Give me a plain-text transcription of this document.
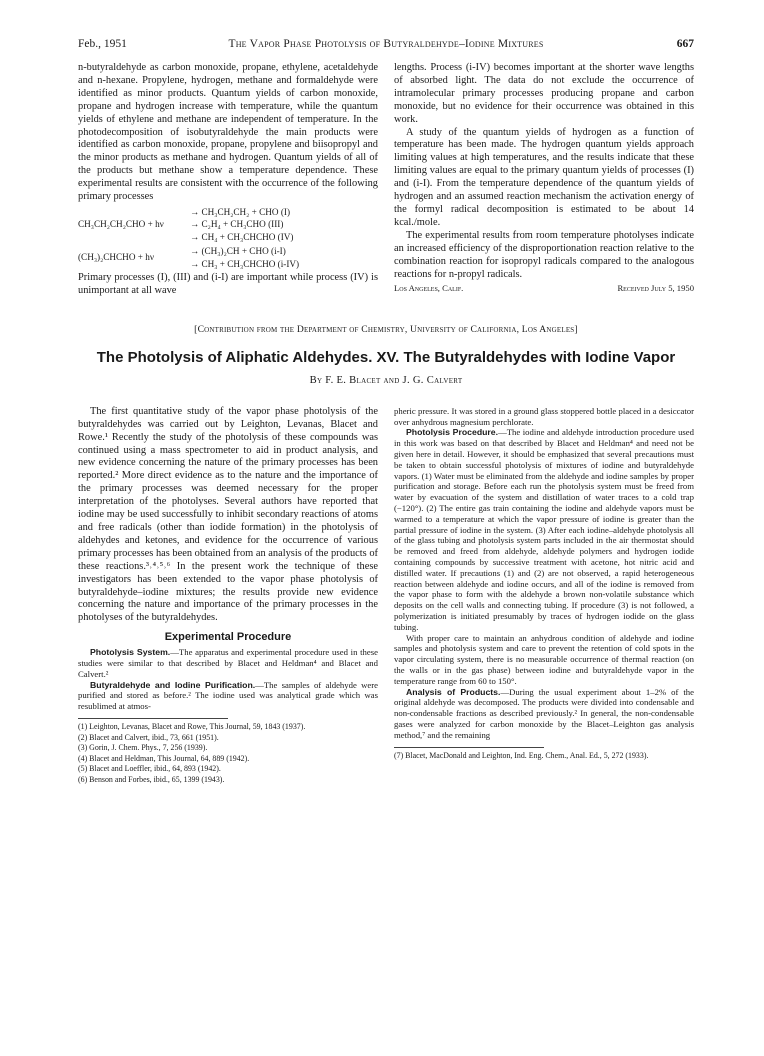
Feb., 1951	The Vapor Phase Photolysis of Butyraldehyde–Iodine Mixtures	667

n-butyraldehyde as carbon monoxide, propane, ethylene, acetaldehyde and n-hexane. Propylene, hydrogen, methane and formaldehyde were identified as minor products. Quantum yields of carbon monoxide, propane and hydrogen increase with temperature, while the quantum yields of ethylene and methane are independent of temperature. In the photodecomposition of isobutyraldehyde the main products were identified as carbon monoxide, propane, propylene and biisopropyl and the minor products as methane and hydrogen. Quantum yields of all of the products but methane show a temperature dependence. These experimental results are consistent with the occurrence of the following primary processes

CH₃CH₂CH₂CHO + hν
→ CH₃CH₂CH₂ + CHO (I)
→ C₂H₄ + CH₃CHO (III)
→ CH₄ + CH₃CHCHO (IV)
(CH₃)₂CHCHO + hν
→ (CH₃)₂CH + CHO (i-I)
→ CH₃ + CH₃CHCHO (i-IV)

Primary processes (I), (III) and (i-I) are important while process (IV) is unimportant at all wave

lengths. Process (i-IV) becomes important at the shorter wave lengths of absorbed light. The data do not exclude the occurrence of intramolecular primary processes producing propane and carbon monoxide, but no evidence for their occurrence was obtained in this work.

A study of the quantum yields of hydrogen as a function of temperature has been made. The hydrogen quantum yields approach limiting values at high temperatures, and the results indicate that these limiting values are equal to the primary quantum yields of processes (I) and (i-I). From the temperature dependence of the quantum yields of hydrogen and an assumed reaction mechanism the activation energy of the formyl radical decomposition is estimated to be about 14 kcal./mole.

The experimental results from room temperature photolyses indicate an increased efficiency of the disproportionation reaction relative to the combination reaction for isopropyl radicals compared to the analogous reactions for n-propyl radicals.

Los Angeles, Calif.	Received July 5, 1950
[Contribution from the Department of Chemistry, University of California, Los Angeles]
The Photolysis of Aliphatic Aldehydes. XV. The Butyraldehydes with Iodine Vapor
By F. E. Blacet and J. G. Calvert

The first quantitative study of the vapor phase photolysis of the butyraldehydes was carried out by Leighton, Levanas, Blacet and Rowe.¹ Recently the study of the photolysis of these compounds was continued using a mass spectrometer to aid in product analysis, and new evidence concerning the nature of the primary processes has been reported.² More direct evidence as to the nature and the importance of the primary processes was deemed necessary for the proper interpretation of the photolyses. Several authors have reported that iodine may be used successfully to inhibit secondary reactions of atoms and free radicals (other than iodide formation) in the photolysis of aldehydes and ketones, and evidence for the occurrence of various primary processes has been obtained from an analysis of the products of these reactions.³˒⁴˒⁵˒⁶ In the present work the technique of these investigators has been extended to the vapor phase photolysis of butyraldehyde–iodine mixtures; the results provide new evidence concerning the nature and importance of the primary processes in the photolyses of the butyraldehydes.

Experimental Procedure

Photolysis System.—The apparatus and experimental procedure used in these studies were similar to that described by Blacet and Heldman⁴ and Blacet and Calvert.²

Butyraldehyde and Iodine Purification.—The samples of aldehyde were purified and stored as before.² The iodine used was analytical grade which was resublimed at atmos-

(1) Leighton, Levanas, Blacet and Rowe, This Journal, 59, 1843 (1937).
(2) Blacet and Calvert, ibid., 73, 661 (1951).
(3) Gorin, J. Chem. Phys., 7, 256 (1939).
(4) Blacet and Heldman, This Journal, 64, 889 (1942).
(5) Blacet and Loeffler, ibid., 64, 893 (1942).
(6) Benson and Forbes, ibid., 65, 1399 (1943).

pheric pressure. It was stored in a ground glass stoppered bottle placed in a desiccator over anhydrous magnesium perchlorate.

Photolysis Procedure.—The iodine and aldehyde introduction procedure used in this work was based on that described by Blacet and Heldman⁴ and need not be given here in detail. However, it should be emphasized that several precautions must be taken to obtain successful photolysis of mixtures of iodine and butyraldehyde vapors. (1) Water must be eliminated from the aldehyde and iodine samples by proper purification and storage. Before each run the photolysis system must be freed from water by evacuation of the system and distillation of water traces to a cold trap (−120°). (2) The entire gas train containing the iodine and aldehyde vapors must be warmed to a temperature at which the vapor pressure of iodine is greater than the partial pressure of iodine in the system. (3) After each iodine–aldehyde photolysis all of the glass tubing and photolysis system parts included in the air thermostat should be removed and freed from aldehyde, aldehyde polymers and hydrogen iodide containing compounds by successive treatment with acetone, hot nitric acid and distilled water. If precautions (1) and (2) are not observed, a rapid heterogeneous reaction between aldehyde and iodine occurs, and all of the iodine is removed from the vapor phase to form with the aldehyde a brown non-volatile substance which deposits on the cell walls and connecting tubing. If procedure (3) is not followed, a polymerization is initiated presumably by traces of hydrogen iodide on the glass tubing.

With proper care to maintain an anhydrous condition of aldehyde and iodine samples and photolysis system and care to prevent the retention of cold spots in the vapor circulating system, there is no measurable occurrence of thermal reaction (on the walls or in the gas phase) between iodine and butyraldehyde vapor in the temperature range from 60 to 150°.

Analysis of Products.—During the usual experiment about 1–2% of the original aldehyde was decomposed. The products were divided into condensable and non-condensable fractions as described previously.² In general, the non-condensable gases were analyzed for carbon monoxide by the Blacet–Leighton gas analysis method,⁷ and the remaining

(7) Blacet, MacDonald and Leighton, Ind. Eng. Chem., Anal. Ed., 5, 272 (1933).
